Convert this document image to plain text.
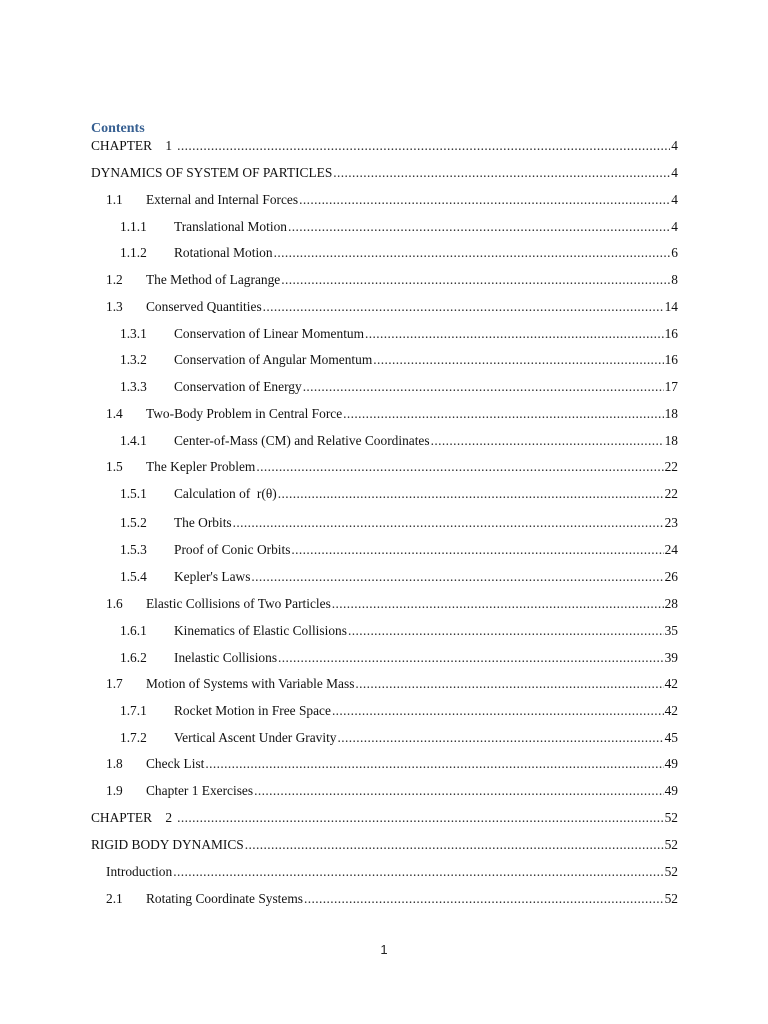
Contents
CHAPTER    1 .....	4
DYNAMICS OF SYSTEM OF PARTICLES .....	4
1.1	External and Internal Forces .....	4
1.1.1	Translational Motion .....	4
1.1.2	Rotational Motion .....	6
1.2	The Method of Lagrange .....	8
1.3	Conserved Quantities .....	14
1.3.1	Conservation of Linear Momentum .....	16
1.3.2	Conservation of Angular Momentum .....	16
1.3.3	Conservation of Energy .....	17
1.4	Two-Body Problem in Central Force .....	18
1.4.1	Center-of-Mass (CM) and Relative Coordinates .....	18
1.5	The Kepler Problem .....	22
1.5.1	Calculation of  r(θ) .....	22
1.5.2	The Orbits .....	23
1.5.3	Proof of Conic Orbits .....	24
1.5.4	Kepler's Laws .....	26
1.6	Elastic Collisions of Two Particles .....	28
1.6.1	Kinematics of Elastic Collisions .....	35
1.6.2	Inelastic Collisions .....	39
1.7	Motion of Systems with Variable Mass .....	42
1.7.1	Rocket Motion in Free Space .....	42
1.7.2	Vertical Ascent Under Gravity .....	45
1.8	Check List .....	49
1.9	Chapter 1 Exercises .....	49
CHAPTER    2 .....	52
RIGID BODY DYNAMICS .....	52
Introduction .....	52
2.1	Rotating Coordinate Systems .....	52
1
